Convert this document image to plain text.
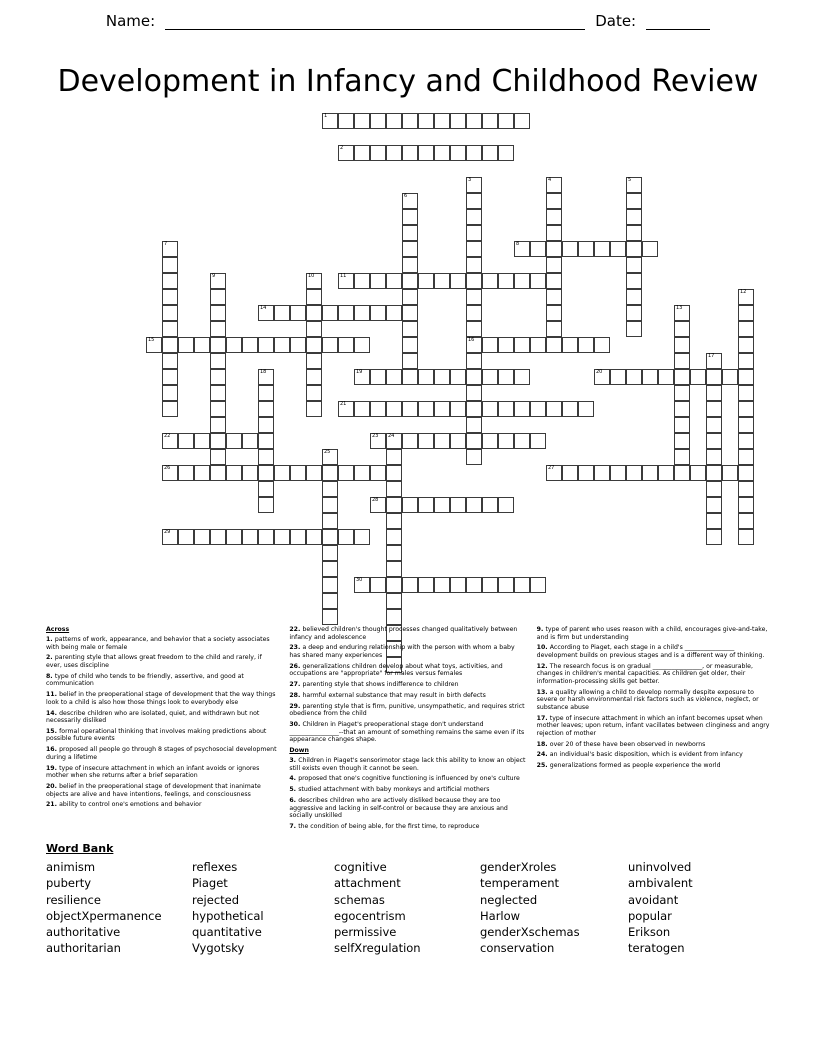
Name:	Date:
Development in Infancy and Childhood Review
1
2
3
16
4	5
6
7	8
9	10	11
12
13
14
15
17
18	19	20
21
22	23 24
25
26	27
28
29
30
Across
1. patterns of work, appearance, and behavior that a society associates with being male or female
2. parenting style that allows great freedom to the child and rarely, if ever, uses discipline
8. type of child who tends to be friendly, assertive, and good at communication
11. belief in the preoperational stage of development that the way things look to a child is also how those things look to everybody else
14. describe children who are isolated, quiet, and withdrawn but not necessarily disliked
15. formal operational thinking that involves making predictions about possible future events
16. proposed all people go through 8 stages of psychosocial development during a lifetime
19. type of insecure attachment in which an infant avoids or ignores mother when she returns after a brief separation
20. belief in the preoperational stage of development that inanimate objects are alive and have intentions, feelings, and consciousness
21. ability to control one's emotions and behavior
22. believed children's thought processes changed qualitatively between infancy and adolescence
23. a deep and enduring relationship with the person with whom a baby has shared many experiences
26. generalizations children develop about what toys, activities, and occupations are "appropriate" for males versus females
27. parenting style that shows indifference to children
28. harmful external substance that may result in birth defects
29. parenting style that is firm, punitive, unsympathetic, and requires strict obedience from the child
30. Children in Piaget's preoperational stage don't understand ________________--that an amount of something remains the same even if its appearance changes shape.
Down
3. Children in Piaget's sensorimotor stage lack this ability to know an object still exists even though it cannot be seen.
4. proposed that one's cognitive functioning is influenced by one's culture
5. studied attachment with baby monkeys and artificial mothers
6. describes children who are actively disliked because they are too aggressive and lacking in self-control or because they are anxious and socially unskilled
7. the condition of being able, for the first time, to reproduce
9. type of parent who uses reason with a child, encourages give-and-take, and is firm but understanding
10. According to Piaget, each stage in a child's ________________ development builds on previous stages and is a different way of thinking.
12. The research focus is on gradual ________________, or measurable, changes in children's mental capacities. As children get older, their information-processing skills get better.
13. a quality allowing a child to develop normally despite exposure to severe or harsh environmental risk factors such as violence, neglect, or substance abuse
17. type of insecure attachment in which an infant becomes upset when mother leaves; upon return, infant vacillates between clinginess and angry rejection of mother
18. over 20 of these have been observed in newborns
24. an individual's basic disposition, which is evident from infancy
25. generalizations formed as people experience the world
Word Bank
animism
puberty
resilience
objectXpermanence
authoritative
authoritarian
reflexes
Piaget
rejected
hypothetical
quantitative
Vygotsky
cognitive
attachment
schemas
egocentrism
permissive
selfXregulation
genderXroles
temperament
neglected
Harlow
genderXschemas
conservation
uninvolved
ambivalent
avoidant
popular
Erikson
teratogen
